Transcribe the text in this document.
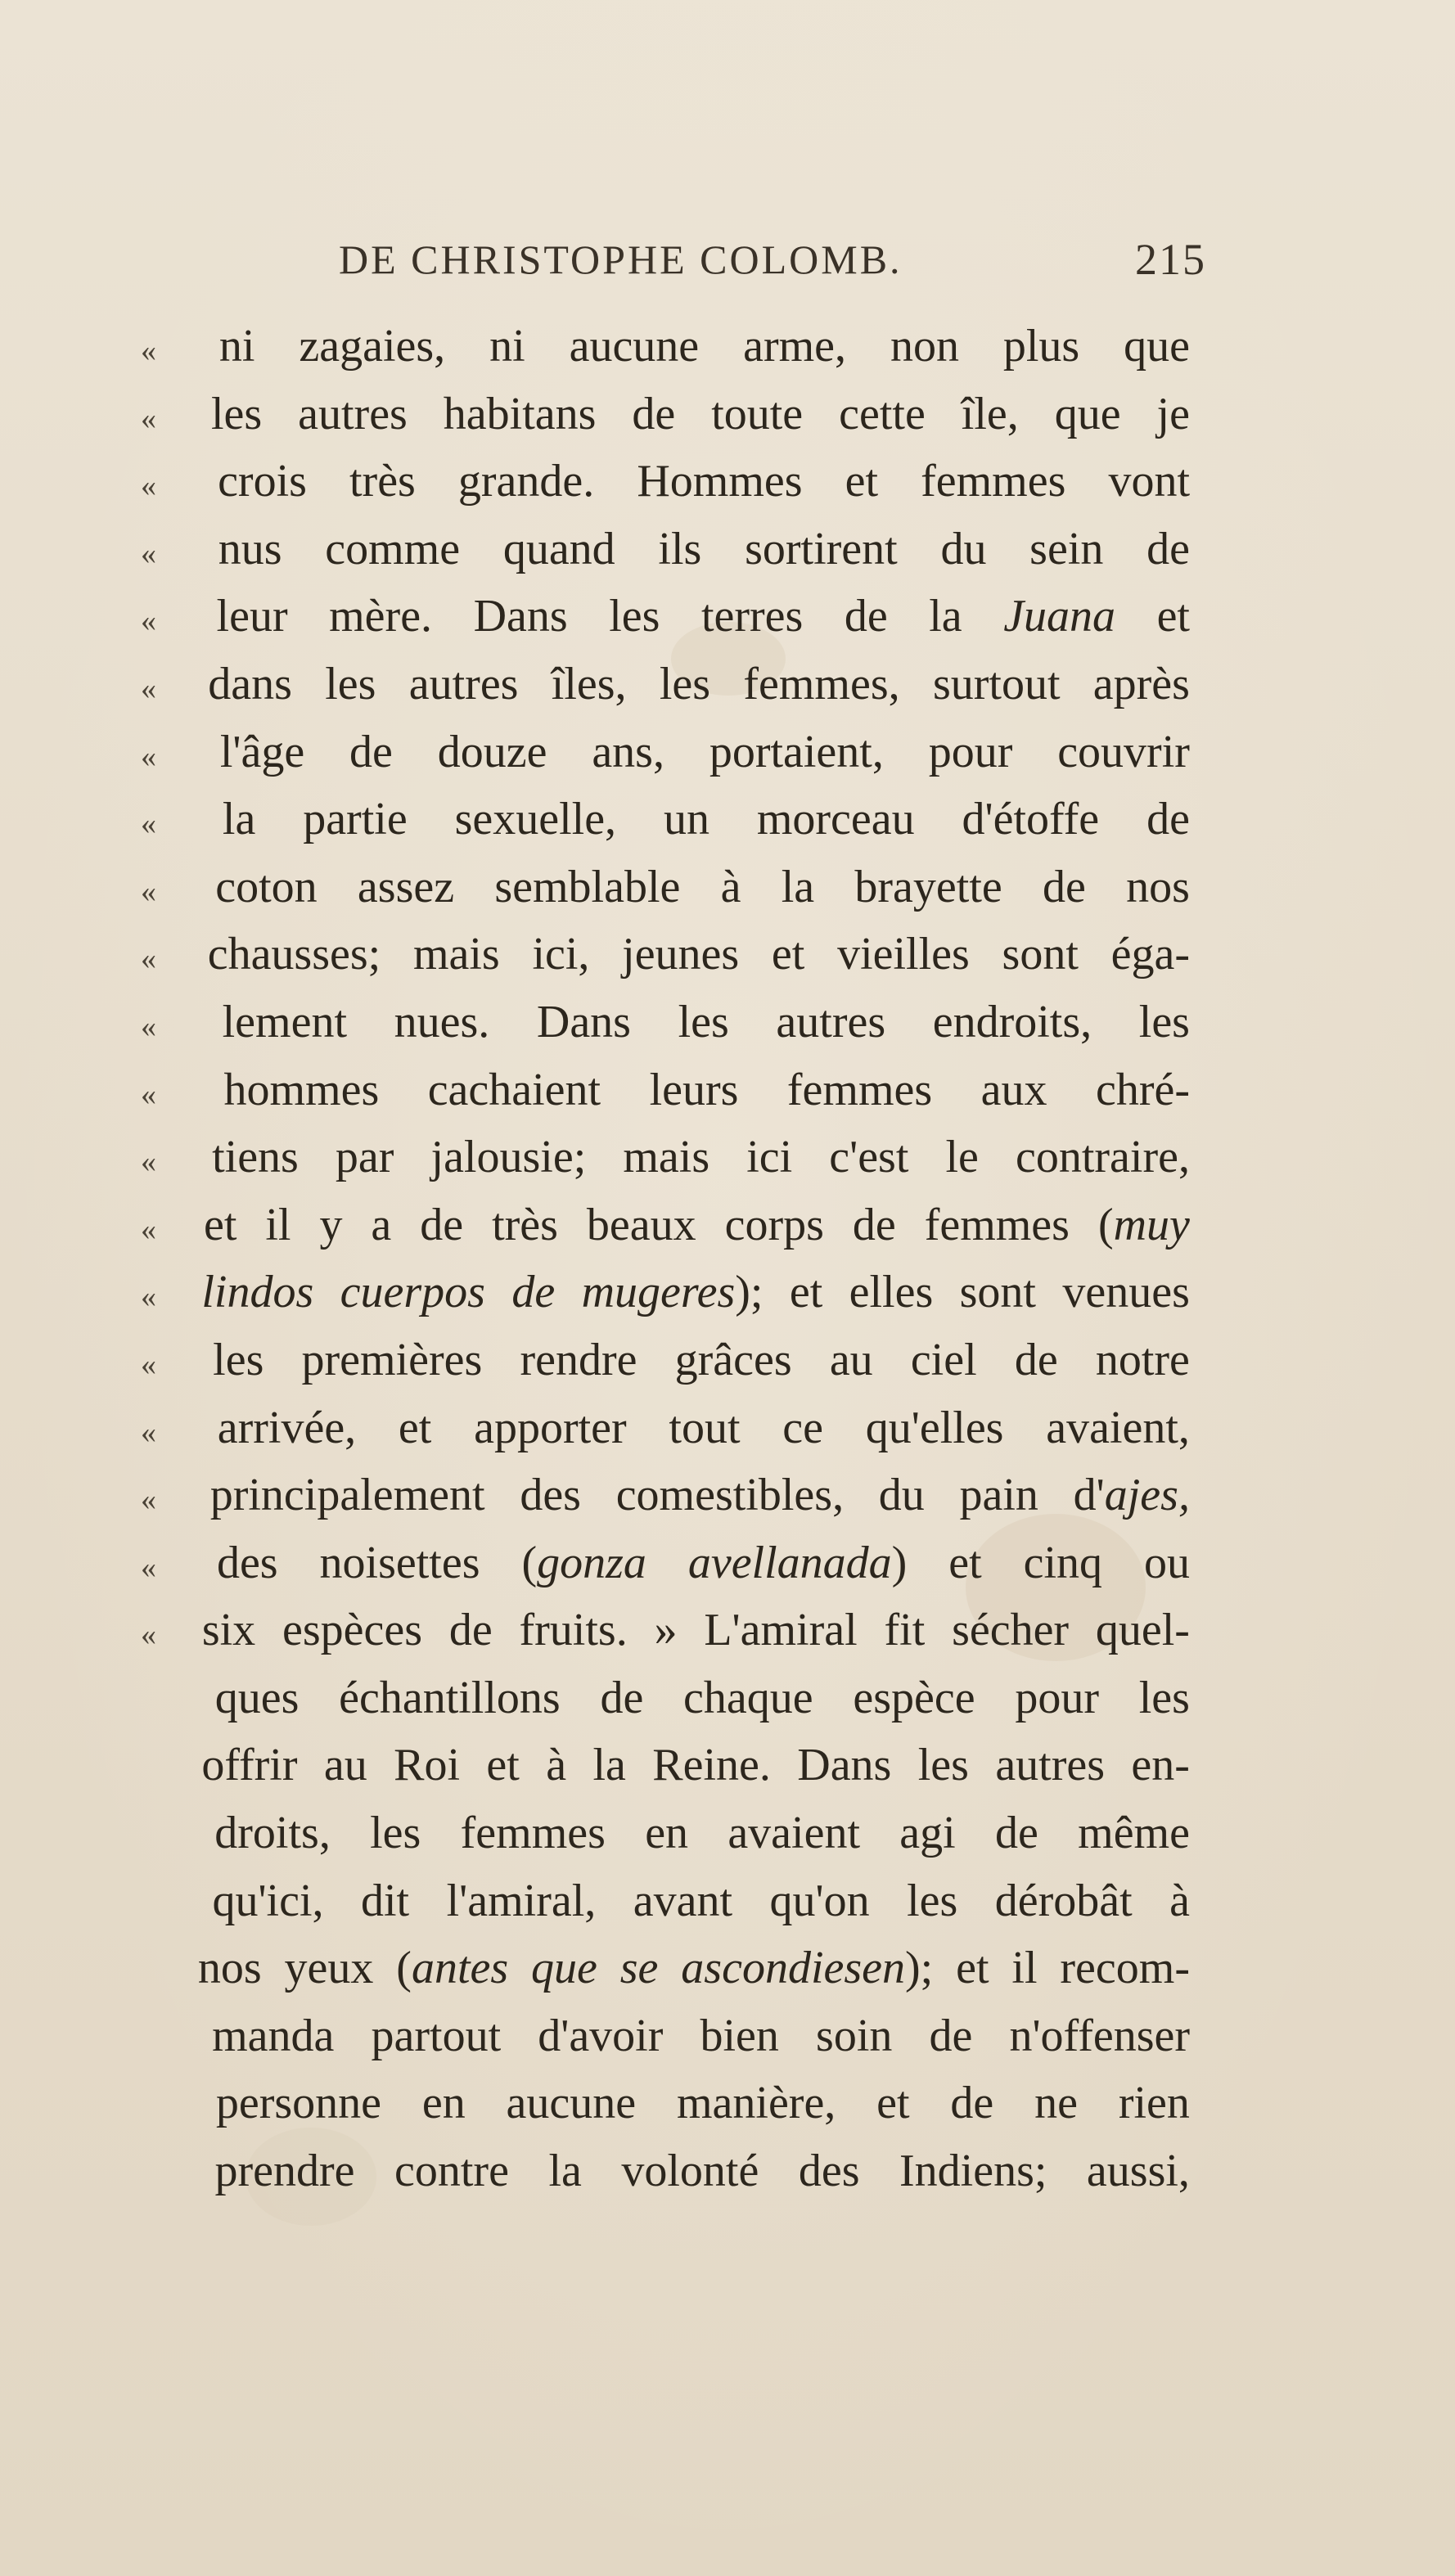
DE CHRISTOPHE COLOMB.	215
«	ni zagaies, ni aucune arme, non plus que
«	les autres habitans de toute cette île, que je
«	crois très grande. Hommes et femmes vont
«	nus comme quand ils sortirent du sein de
«	leur mère. Dans les terres de la Juana et
«	dans les autres îles, les femmes, surtout après
«	l'âge de douze ans, portaient, pour couvrir
«	la partie sexuelle, un morceau d'étoffe de
«	coton assez semblable à la brayette de nos
«	chausses; mais ici, jeunes et vieilles sont éga-
«	lement nues. Dans les autres endroits, les
«	hommes cachaient leurs femmes aux chré-
«	tiens par jalousie; mais ici c'est le contraire,
«	et il y a de très beaux corps de femmes (muy
« lindos cuerpos de mugeres); et elles sont venues
«	les premières rendre grâces au ciel de notre
«	arrivée, et apporter tout ce qu'elles avaient,
«	principalement des comestibles, du pain d'ajes,
«	des noisettes (gonza avellanada) et cinq ou
« six espèces de fruits. » L'amiral fit sécher quel-
ques échantillons de chaque espèce pour les
offrir au Roi et à la Reine. Dans les autres en-
droits, les femmes en avaient agi de même
qu'ici, dit l'amiral, avant qu'on les dérobât à
nos yeux (antes que se ascondiesen); et il recom-
manda partout d'avoir bien soin de n'offenser
personne en aucune manière, et de ne rien
prendre contre la volonté des Indiens; aussi,
